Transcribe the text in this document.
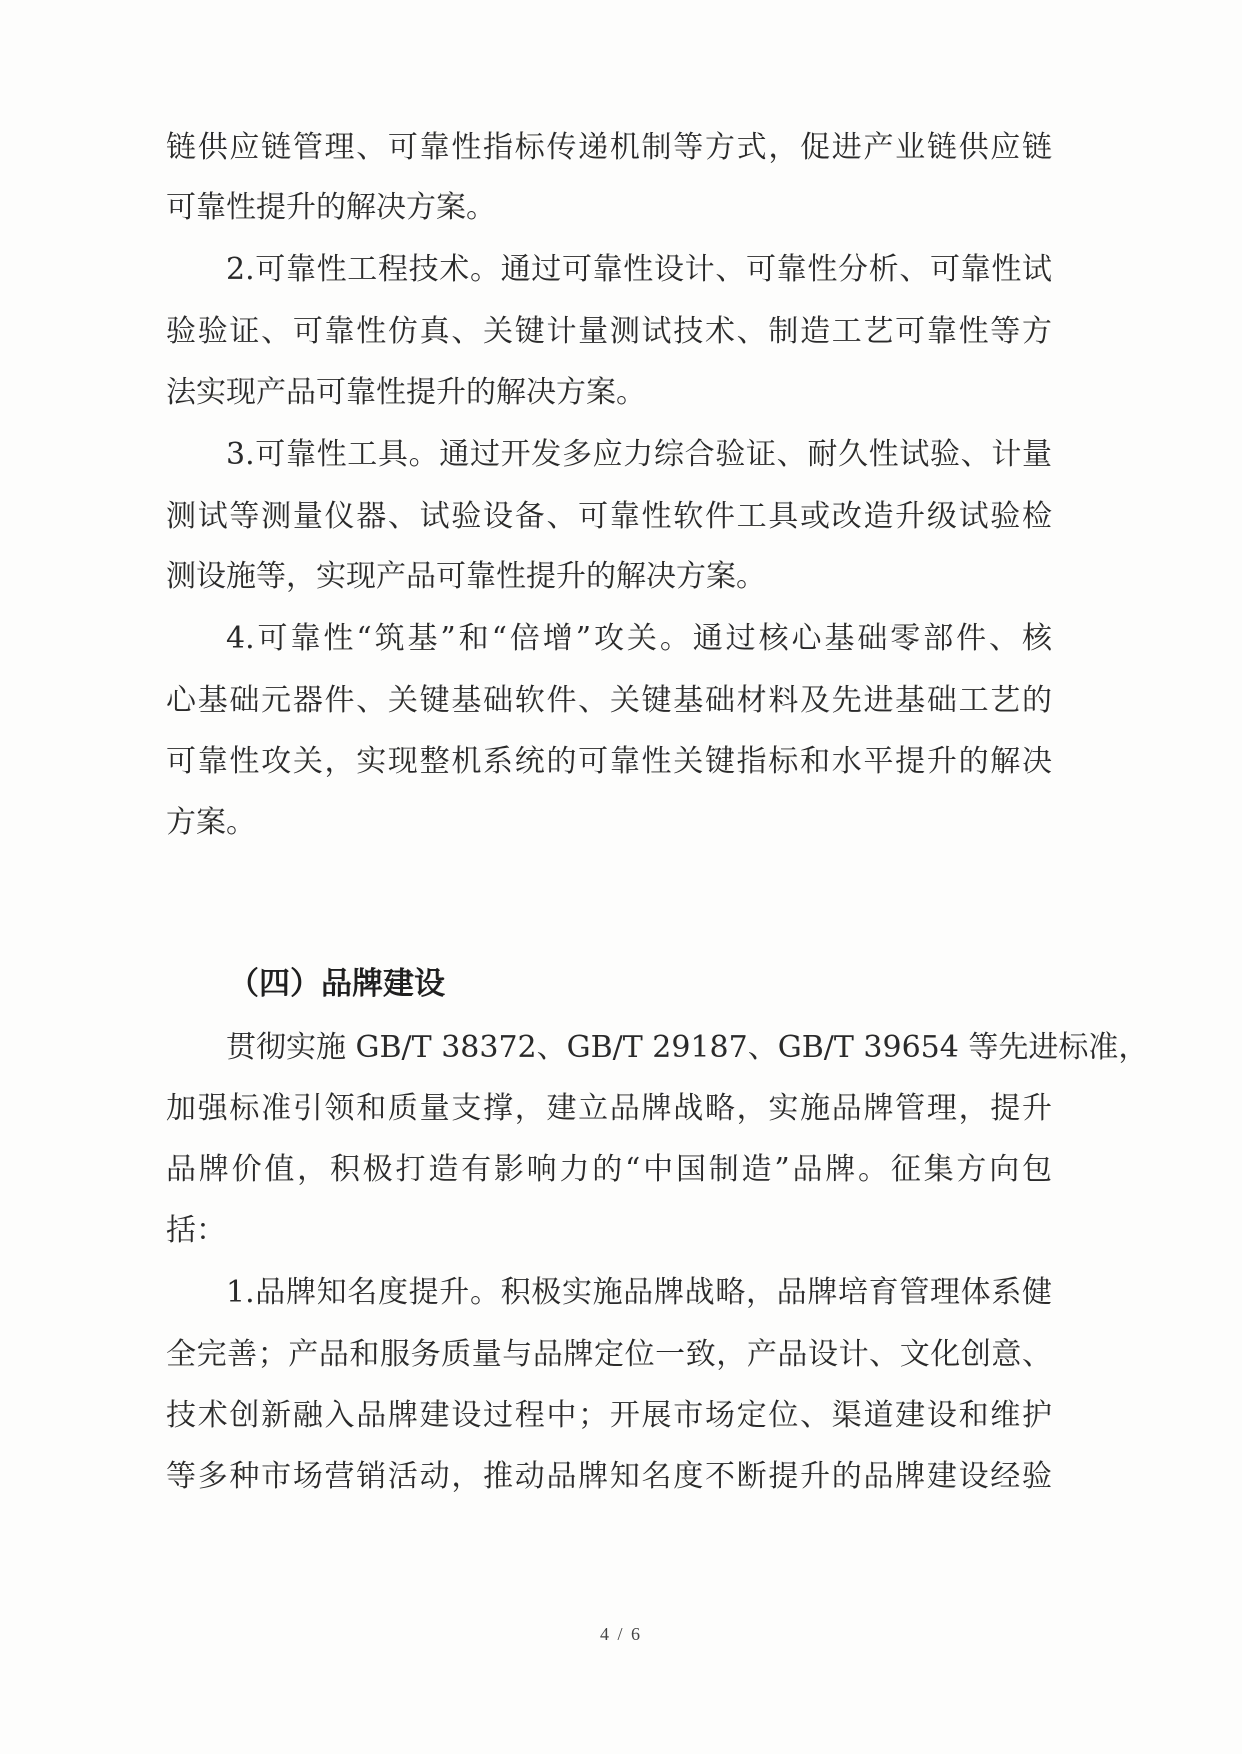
链供应链管理、可靠性指标传递机制等方式，促进产业链供应链
可靠性提升的解决方案。
2.可靠性工程技术。通过可靠性设计、可靠性分析、可靠性试
验验证、可靠性仿真、关键计量测试技术、制造工艺可靠性等方
法实现产品可靠性提升的解决方案。
3.可靠性工具。通过开发多应力综合验证、耐久性试验、计量
测试等测量仪器、试验设备、可靠性软件工具或改造升级试验检
测设施等，实现产品可靠性提升的解决方案。
4.可靠性“筑基”和“倍增”攻关。通过核心基础零部件、核
心基础元器件、关键基础软件、关键基础材料及先进基础工艺的
可靠性攻关，实现整机系统的可靠性关键指标和水平提升的解决
方案。
（四）品牌建设
贯彻实施 GB/T 38372、GB/T 29187、GB/T 39654 等先进标准，
加强标准引领和质量支撑，建立品牌战略，实施品牌管理，提升
品牌价值，积极打造有影响力的“中国制造”品牌。征集方向包
括：
1.品牌知名度提升。积极实施品牌战略，品牌培育管理体系健
全完善；产品和服务质量与品牌定位一致，产品设计、文化创意、
技术创新融入品牌建设过程中；开展市场定位、渠道建设和维护
等多种市场营销活动，推动品牌知名度不断提升的品牌建设经验
4 / 6
